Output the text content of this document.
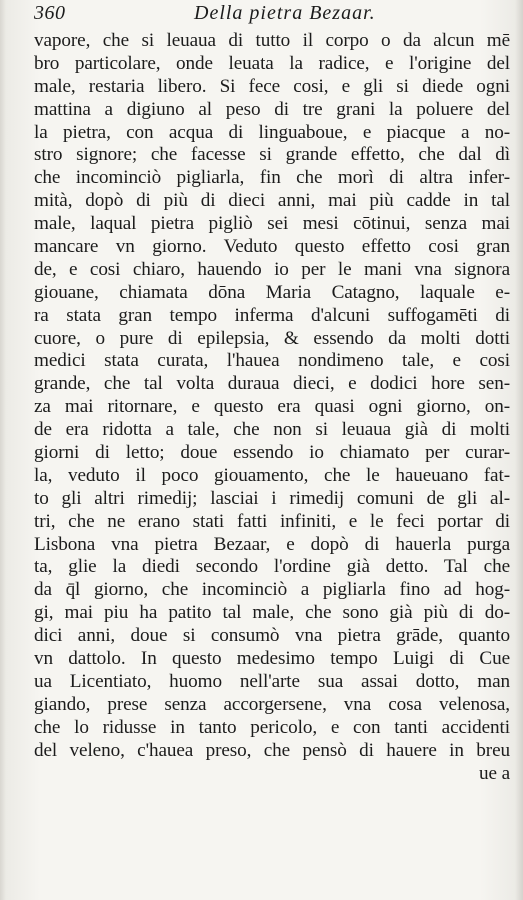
360	Della pietra Bezaar.
vapore, che si leuaua di tutto il corpo o da alcun mē
bro particolare, onde leuata la radice, e l'origine del
male, restaria libero. Si fece cosi, e gli si diede ogni
mattina a digiuno al peso di tre grani la poluere del
la pietra, con acqua di linguaboue, e piacque a no-
stro signore; che facesse si grande effetto, che dal dì
che incominciò pigliarla, fin che morì di altra infer-
mità, dopò di più di dieci anni, mai più cadde in tal
male, laqual pietra pigliò sei mesi cōtinui, senza mai
mancare vn giorno. Veduto questo effetto cosi gran
de, e cosi chiaro, hauendo io per le mani vna signora
giouane, chiamata dōna Maria Catagno, laquale e-
ra stata gran tempo inferma d'alcuni suffogamēti di
cuore, o pure di epilepsia, & essendo da molti dotti
medici stata curata, l'hauea nondimeno tale, e cosi
grande, che tal volta duraua dieci, e dodici hore sen-
za mai ritornare, e questo era quasi ogni giorno, on-
de era ridotta a tale, che non si leuaua già di molti
giorni di letto; doue essendo io chiamato per curar-
la, veduto il poco giouamento, che le haueuano fat-
to gli altri rimedij; lasciai i rimedij comuni de gli al-
tri, che ne erano stati fatti infiniti, e le feci portar di
Lisbona vna pietra Bezaar, e dopò di hauerla purga
ta, glie la diedi secondo l'ordine già detto. Tal che
da q̄l giorno, che incominciò a pigliarla fino ad hog-
gi, mai piu ha patito tal male, che sono già più di do-
dici anni, doue si consumò vna pietra grāde, quanto
vn dattolo. In questo medesimo tempo Luigi di Cue
ua Licentiato, huomo nell'arte sua assai dotto, man
giando, prese senza accorgersene, vna cosa velenosa,
che lo ridusse in tanto pericolo, e con tanti accidenti
del veleno, c'hauea preso, che pensò di hauere in breu
ue a
